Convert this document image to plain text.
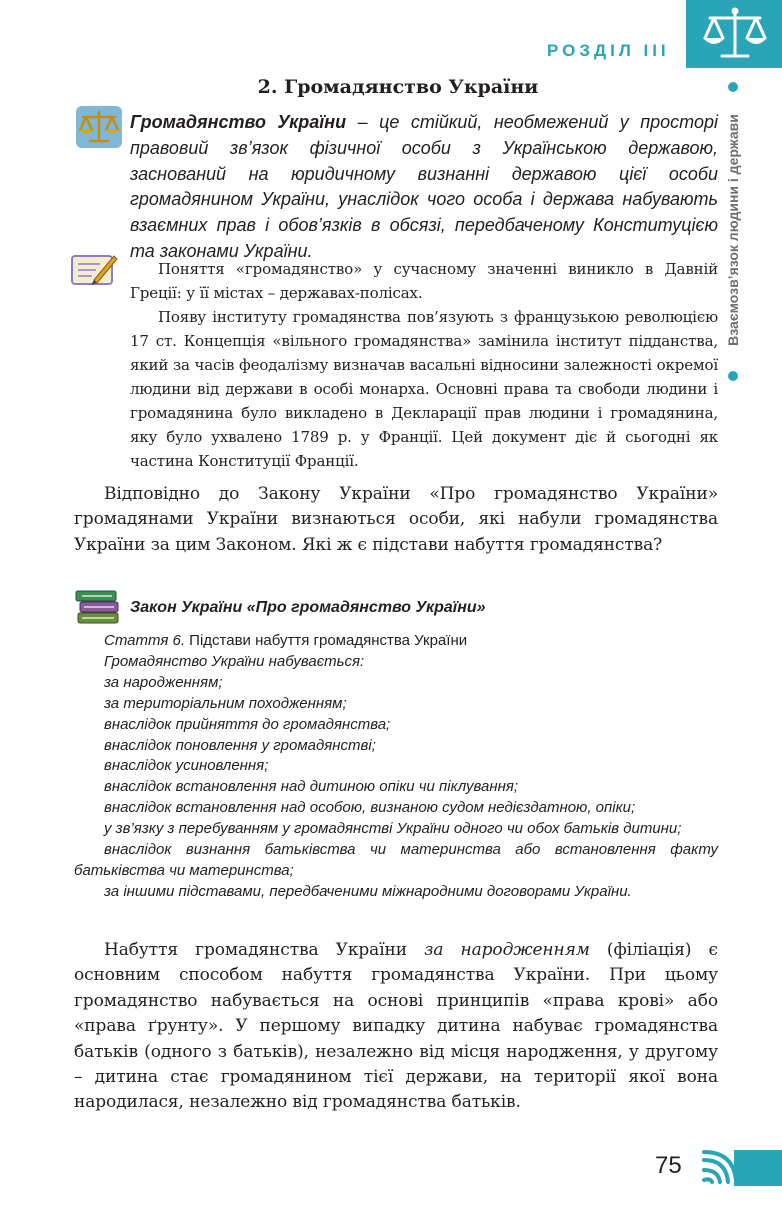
РОЗДІЛ III
Взаємозв’язок людини і держави
2. Громадянство України
Громадянство України – це стійкий, необмежений у просторі правовий зв’язок фізичної особи з Українською державою, заснований на юридичному визнанні державою цієї особи громадянином України, унаслідок чого особа і держава набувають взаємних прав і обов’язків в обсязі, передбаченому Конституцією та законами України.

Поняття «громадянство» у сучасному значенні виникло в Давній Греції: у її містах – державах-полісах.

Появу інституту громадянства пов’язують з французькою революцією 17 ст. Концепція «вільного громадянства» замінила інститут підданства, який за часів феодалізму визначав васальні відносини залежності окремої людини від держави в особі монарха. Основні права та свободи людини і громадянина було викладено в Декларації прав людини і громадянина, яку було ухвалено 1789 р. у Франції. Цей документ діє й сьогодні як частина Конституції Франції.

Відповідно до Закону України «Про громадянство України» громадянами України визнаються особи, які набули громадянства України за цим Законом. Які ж є підстави набуття громадянства?
Закон України «Про громадянство України»

Стаття 6. Підстави набуття громадянства України

Громадянство України набувається:

за народженням;

за територіальним походженням;

внаслідок прийняття до громадянства;

внаслідок поновлення у громадянстві;

внаслідок усиновлення;

внаслідок встановлення над дитиною опіки чи піклування;

внаслідок встановлення над особою, визнаною судом недієздатною, опіки;

у зв’язку з перебуванням у громадянстві України одного чи обох батьків дитини;

внаслідок визнання батьківства чи материнства або встановлення факту батьківства чи материнства;

за іншими підставами, передбаченими міжнародними договорами України.

Набуття громадянства України за народженням (філіація) є основним способом набуття громадянства України. При цьому громадянство набувається на основі принципів «права крові» або «права ґрунту». У першому випадку дитина набуває громадянства батьків (одного з батьків), незалежно від місця народження, у другому – дитина стає громадянином тієї держави, на території якої вона народилася, незалежно від громадянства батьків.
75
